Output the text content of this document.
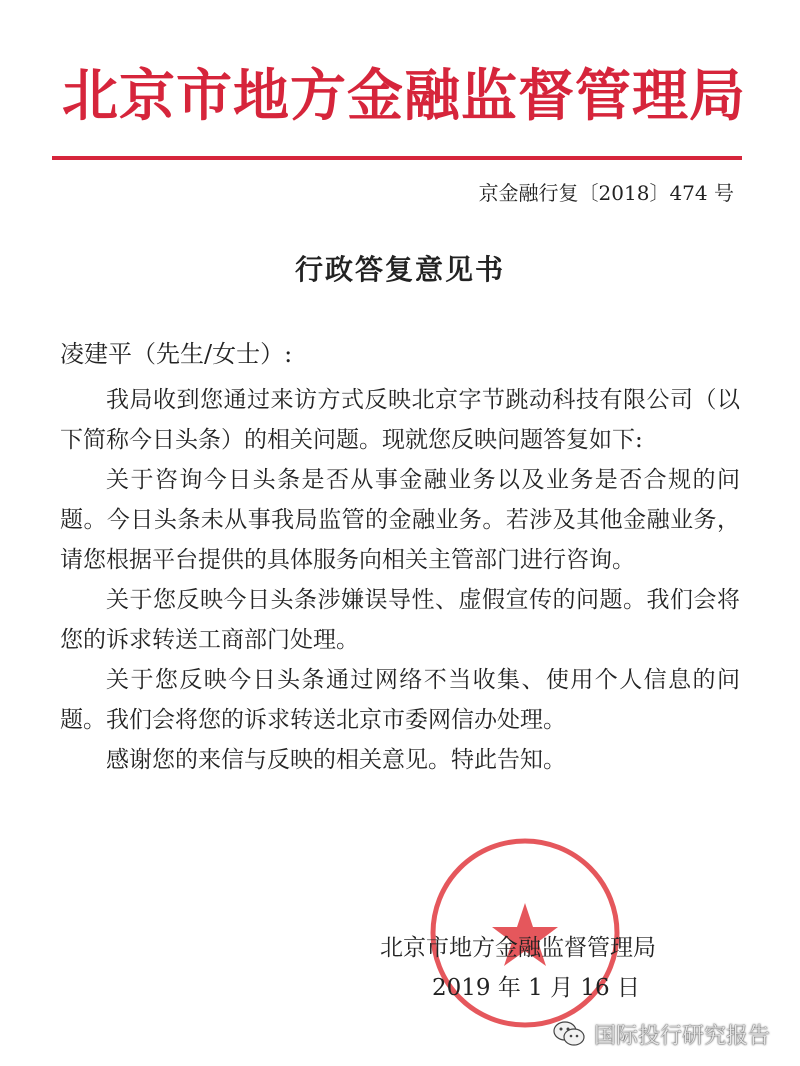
北京市地方金融监督管理局
京金融行复〔2018〕474 号
行政答复意见书
凌建平（先生/女士）:

我局收到您通过来访方式反映北京字节跳动科技有限公司（以下简称今日头条）的相关问题。现就您反映问题答复如下:

关于咨询今日头条是否从事金融业务以及业务是否合规的问题。今日头条未从事我局监管的金融业务。若涉及其他金融业务，请您根据平台提供的具体服务向相关主管部门进行咨询。

关于您反映今日头条涉嫌误导性、虚假宣传的问题。我们会将您的诉求转送工商部门处理。

关于您反映今日头条通过网络不当收集、使用个人信息的问题。我们会将您的诉求转送北京市委网信办处理。

感谢您的来信与反映的相关意见。特此告知。

北京市地方金融监督管理局
2019 年 1 月 16 日
国际投行研究报告
